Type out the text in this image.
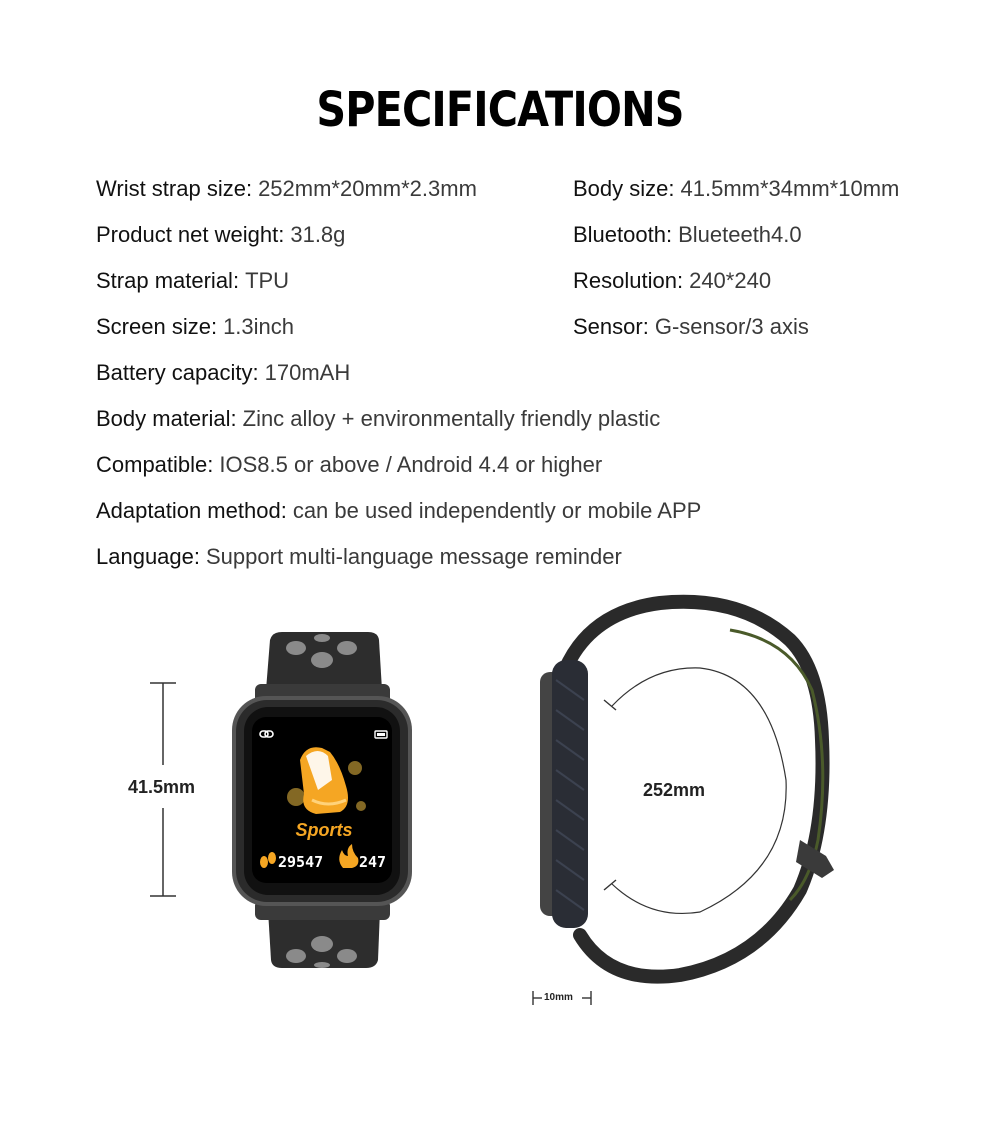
SPECIFICATIONS
Wrist strap size: 252mm*20mm*2.3mm
Product net weight: 31.8g
Strap material: TPU
Screen size: 1.3inch
Battery capacity: 170mAH
Body material: Zinc alloy + environmentally friendly plastic
Compatible: IOS8.5 or above / Android 4.4 or higher
Adaptation method: can be used independently or mobile APP
Language: Support multi-language message reminder
Body size: 41.5mm*34mm*10mm
Bluetooth: Blueteeth4.0
Resolution: 240*240
Sensor: G-sensor/3 axis
Sports
29547 247
41.5mm	252mm
10mm
